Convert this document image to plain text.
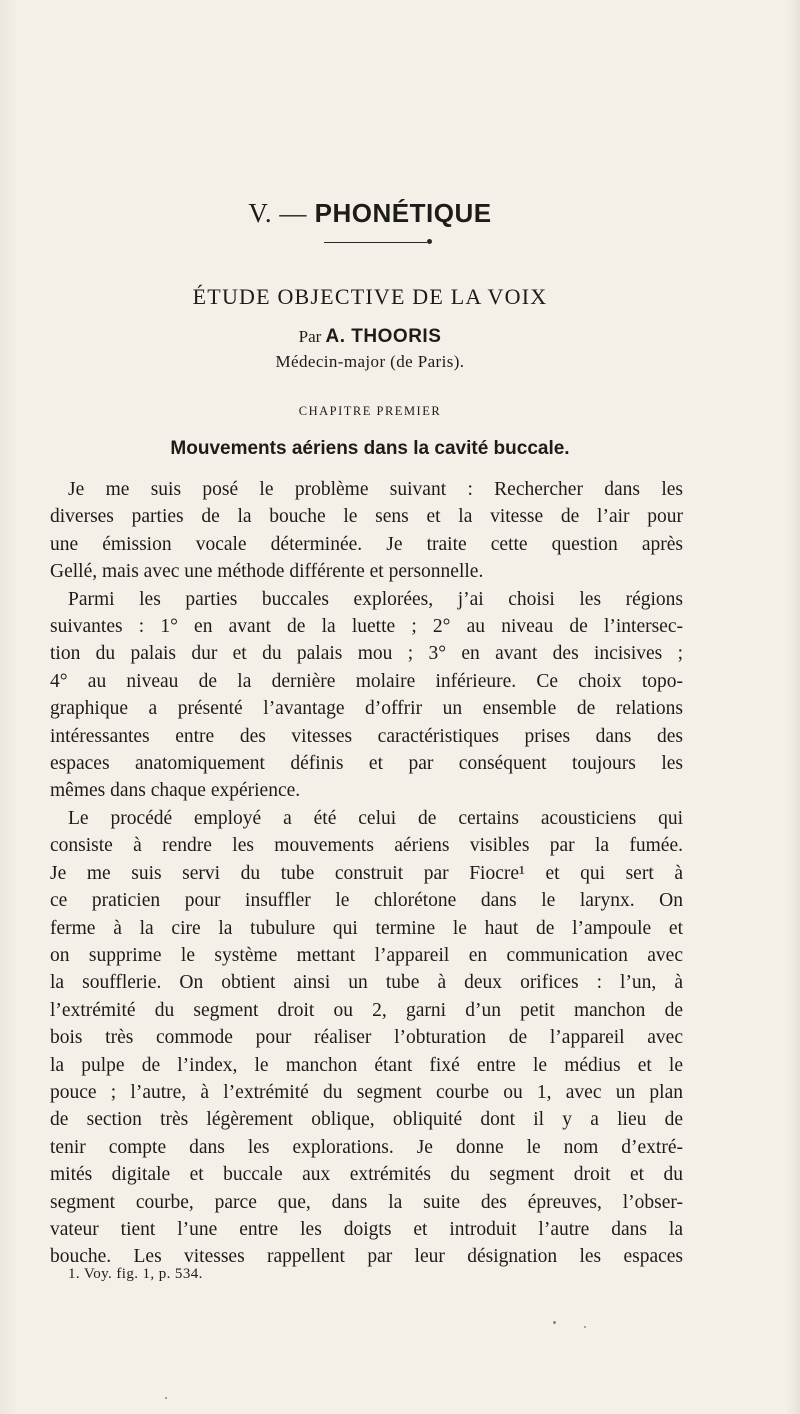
V. — PHONÉTIQUE
ÉTUDE OBJECTIVE DE LA VOIX
Par A. THOORIS
Médecin-major (de Paris).
CHAPITRE PREMIER
Mouvements aériens dans la cavité buccale.
Je me suis posé le problème suivant : Rechercher dans les
diverses parties de la bouche le sens et la vitesse de l’air pour
une émission vocale déterminée. Je traite cette question après
Gellé, mais avec une méthode différente et personnelle.
Parmi les parties buccales explorées, j’ai choisi les régions
suivantes : 1° en avant de la luette ; 2° au niveau de l’intersec-
tion du palais dur et du palais mou ; 3° en avant des incisives ;
4° au niveau de la dernière molaire inférieure. Ce choix topo-
graphique a présenté l’avantage d’offrir un ensemble de relations
intéressantes entre des vitesses caractéristiques prises dans des
espaces anatomiquement définis et par conséquent toujours les
mêmes dans chaque expérience.
Le procédé employé a été celui de certains acousticiens qui
consiste à rendre les mouvements aériens visibles par la fumée.
Je me suis servi du tube construit par Fiocre¹ et qui sert à
ce praticien pour insuffler le chlorétone dans le larynx. On
ferme à la cire la tubulure qui termine le haut de l’ampoule et
on supprime le système mettant l’appareil en communication avec
la soufflerie. On obtient ainsi un tube à deux orifices : l’un, à
l’extrémité du segment droit ou 2, garni d’un petit manchon de
bois très commode pour réaliser l’obturation de l’appareil avec
la pulpe de l’index, le manchon étant fixé entre le médius et le
pouce ; l’autre, à l’extrémité du segment courbe ou 1, avec un plan
de section très légèrement oblique, obliquité dont il y a lieu de
tenir compte dans les explorations. Je donne le nom d’extré-
mités digitale et buccale aux extrémités du segment droit et du
segment courbe, parce que, dans la suite des épreuves, l’obser-
vateur tient l’une entre les doigts et introduit l’autre dans la
bouche. Les vitesses rappellent par leur désignation les espaces
1. Voy. fig. 1, p. 534.
